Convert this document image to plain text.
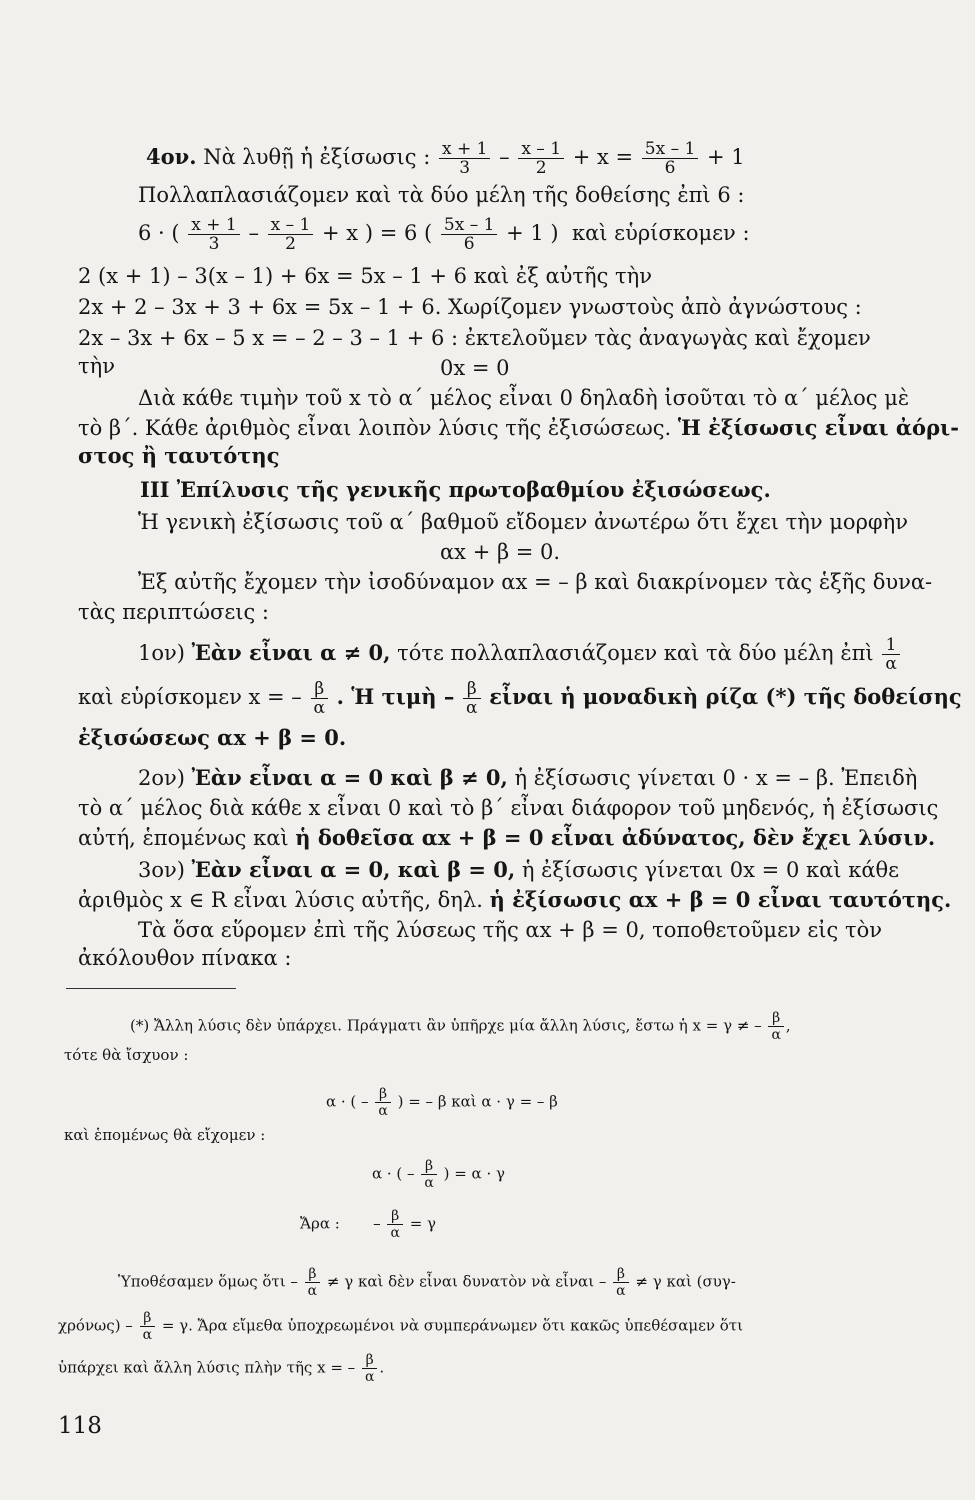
4ον. Νὰ λυθῇ ἡ ἐξίσωσις : $\frac{x + 1}{3} - \frac{x - 1}{2} + x = \frac{5x - 1}{6} + 1$
Πολλαπλασιάζομεν καὶ τὰ δύο μέλη τῆς δοθείσης ἐπὶ 6 :
6 · ( $\frac{x + 1}{3} - \frac{x - 1}{2} + x$ ) = 6 ( $\frac{5x - 1}{6} + 1$ ) καὶ εὑρίσκομεν :
2 (x + 1) – 3(x – 1) + 6x = 5x – 1 + 6 καὶ ἐξ αὐτῆς τὴν
2x + 2 – 3x + 3 + 6x = 5x – 1 + 6. Χωρίζομεν γνωστοὺς ἀπὸ ἀγνώστους :
2x – 3x + 6x – 5 x = – 2 – 3 – 1 + 6 : ἐκτελοῦμεν τὰς ἀναγωγὰς καὶ ἔχομεν
τὴν	0x = 0
Διὰ κάθε τιμὴν τοῦ x τὸ α΄ μέλος εἶναι 0 δηλαδὴ ἰσοῦται τὸ α΄ μέλος μὲ
τὸ β΄. Κάθε ἀριθμὸς εἶναι λοιπὸν λύσις τῆς ἐξισώσεως. Ἡ ἐξίσωσις εἶναι ἀόρι-
στος ἢ ταυτότης
III Ἐπίλυσις τῆς γενικῆς πρωτοβαθμίου ἐξισώσεως.
Ἡ γενικὴ ἐξίσωσις τοῦ α΄ βαθμοῦ εἴδομεν ἀνωτέρω ὅτι ἔχει τὴν μορφὴν
αx + β = 0.
Ἐξ αὐτῆς ἔχομεν τὴν ἰσοδύναμον αx = – β καὶ διακρίνομεν τὰς ἑξῆς δυνα-
τὰς περιπτώσεις :
1ον) Ἐὰν εἶναι α ≠ 0, τότε πολλαπλασιάζομεν καὶ τὰ δύο μέλη ἐπὶ $\frac{1}{\alpha}$
καὶ εὑρίσκομεν x = – $\frac{\beta}{\alpha}$ . Ἡ τιμὴ – $\frac{\beta}{\alpha}$ εἶναι ἡ μοναδικὴ ρίζα (*) τῆς δοθείσης
ἐξισώσεως αx + β = 0.
2ον) Ἐὰν εἶναι α = 0 καὶ β ≠ 0, ἡ ἐξίσωσις γίνεται 0 · x = – β. Ἐπειδὴ
τὸ α΄ μέλος διὰ κάθε x εἶναι 0 καὶ τὸ β΄ εἶναι διάφορον τοῦ μηδενός, ἡ ἐξίσωσις
αὐτή, ἑπομένως καὶ ἡ δοθεῖσα αx + β = 0 εἶναι ἀδύνατος, δὲν ἔχει λύσιν.
3ον) Ἐὰν εἶναι α = 0, καὶ β = 0, ἡ ἐξίσωσις γίνεται 0x = 0 καὶ κάθε
ἀριθμὸς x ∈ R εἶναι λύσις αὐτῆς, δηλ. ἡ ἐξίσωσις αx + β = 0 εἶναι ταυτότης.
Τὰ ὅσα εὕρομεν ἐπὶ τῆς λύσεως τῆς αx + β = 0, τοποθετοῦμεν εἰς τὸν
ἀκόλουθον πίνακα :
(*) Ἄλλη λύσις δὲν ὑπάρχει. Πράγματι ἂν ὑπῆρχε μία ἄλλη λύσις, ἔστω ἡ x = γ ≠ – $\frac{\beta}{\alpha}$ ,
τότε θὰ ἴσχυον :
α · ( – $\frac{\beta}{\alpha}$ ) = – β καὶ α · γ = – β
καὶ ἑπομένως θὰ εἴχομεν :
α · ( – $\frac{\beta}{\alpha}$ ) = α · γ
Ἄρα : – $\frac{\beta}{\alpha} = \gamma$
Ὑποθέσαμεν ὅμως ὅτι – $\frac{\beta}{\alpha} \ne \gamma$ καὶ δὲν εἶναι δυνατὸν νὰ εἶναι – $\frac{\beta}{\alpha} \ne \gamma$ καὶ (συγ-
$\chi\rho ό\nu\omega\varsigma) - \frac{\beta}{\alpha} = \gamma$. Ἄρα εἴμεθα ὑποχρεωμένοι νὰ συμπεράνωμεν ὅτι κακῶς ὑπεθέσαμεν ὅτι
ὑπάρχει καὶ ἄλλη λύσις πλὴν τῆς x = – $\frac{\beta}{\alpha}$ .
118
